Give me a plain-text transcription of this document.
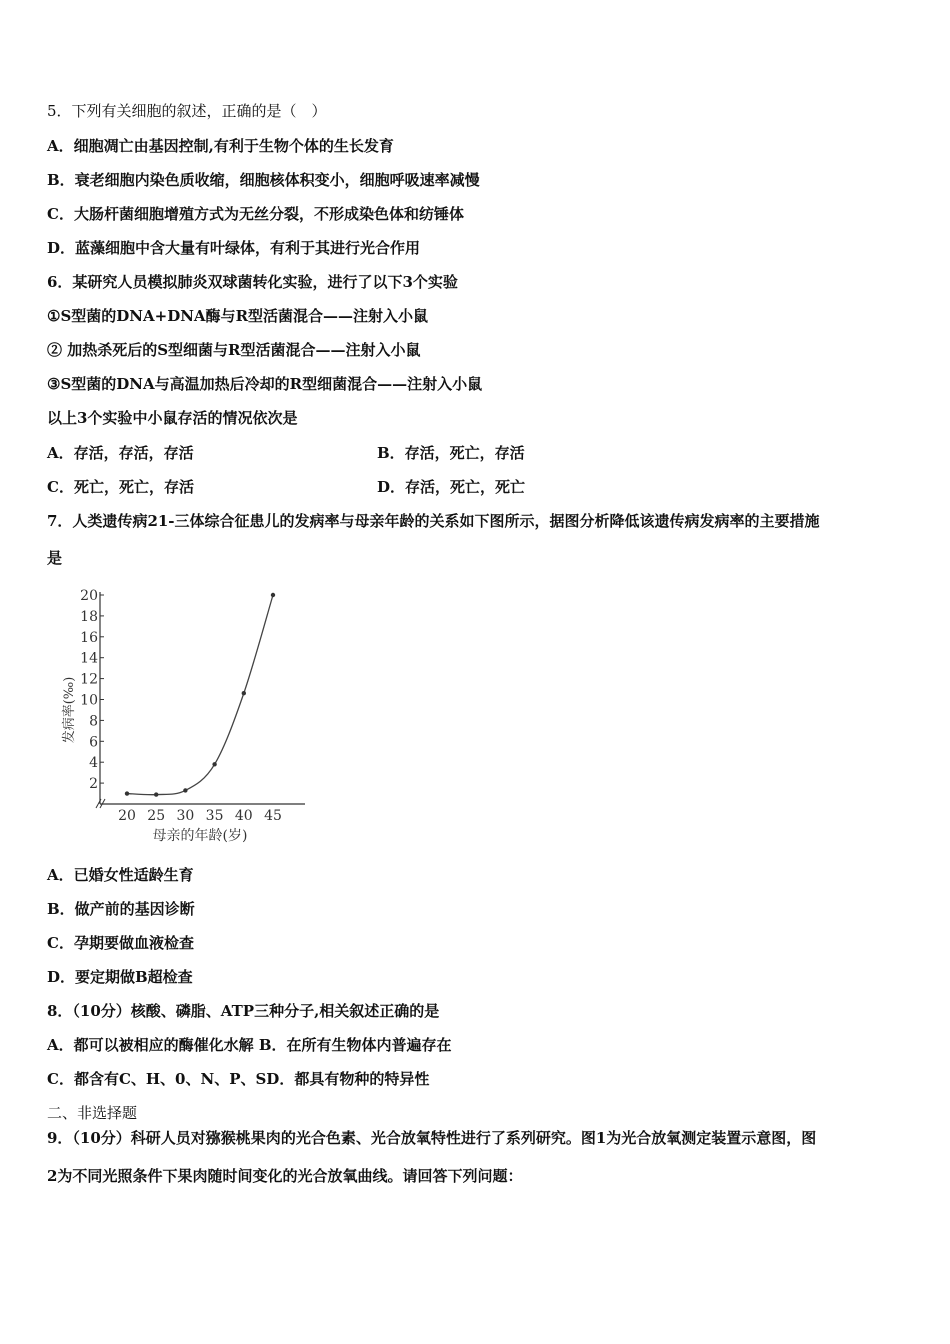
5．下列有关细胞的叙述，正确的是（　）
A．细胞凋亡由基因控制,有利于生物个体的生长发育
B．衰老细胞内染色质收缩，细胞核体积变小，细胞呼吸速率减慢
C．大肠杆菌细胞增殖方式为无丝分裂，不形成染色体和纺锤体
D．蓝藻细胞中含大量有叶绿体，有利于其进行光合作用
6．某研究人员模拟肺炎双球菌转化实验，进行了以下3个实验
①S型菌的DNA+DNA酶与R型活菌混合——注射入小鼠
② 加热杀死后的S型细菌与R型活菌混合——注射入小鼠
③S型菌的DNA与高温加热后冷却的R型细菌混合——注射入小鼠
以上3个实验中小鼠存活的情况依次是
A．存活，存活，存活	B．存活，死亡，存活
C．死亡，死亡，存活	D．存活，死亡，死亡
7．人类遗传病21-三体综合征患儿的发病率与母亲年龄的关系如下图所示，据图分析降低该遗传病发病率的主要措施
是
2
4
6
8
10
12
14
16
18
20
20 25 30 35 40 45
母亲的年龄(岁)
发病率(‰)
A．已婚女性适龄生育
B．做产前的基因诊断
C．孕期要做血液检查
D．要定期做B超检查
8．（10分）核酸、磷脂、ATP三种分子,相关叙述正确的是
A．都可以被相应的酶催化水解 B．在所有生物体内普遍存在
C．都含有C、H、0、N、P、SD．都具有物种的特异性
二、非选择题
9．（10分）科研人员对猕猴桃果肉的光合色素、光合放氧特性进行了系列研究。图1为光合放氧测定装置示意图，图
2为不同光照条件下果肉随时间变化的光合放氧曲线。请回答下列问题：
